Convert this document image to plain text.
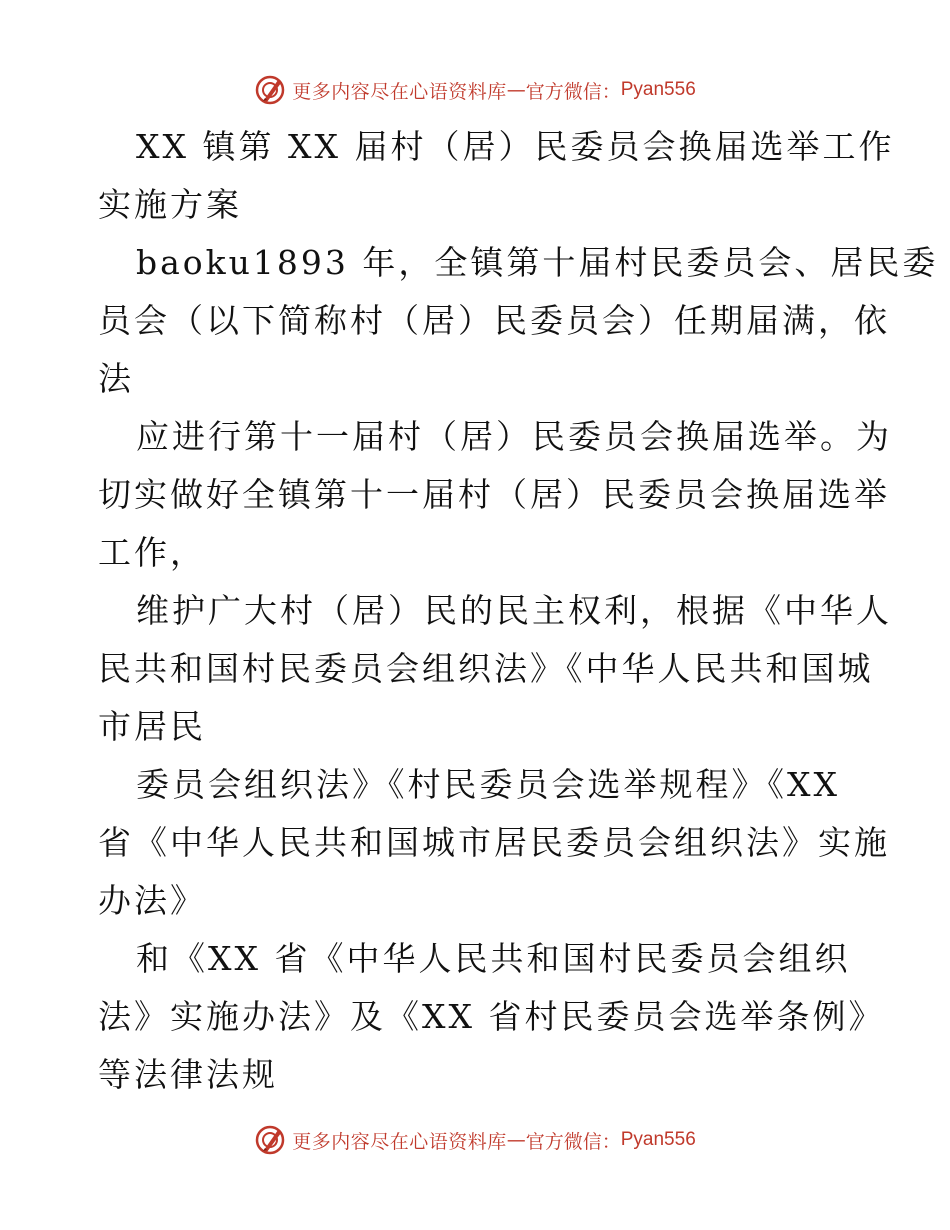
更多内容尽在心语资料库 — 官方微信： Pyan556
XX 镇第 XX 届村（居）民委员会换届选举工作
实施方案
baoku1893 年，全镇第十届村民委员会、居民委
员会（以下简称村（居）民委员会）任期届满，依
法
应进行第十一届村（居）民委员会换届选举。为
切实做好全镇第十一届村（居）民委员会换届选举
工作，
维护广大村（居）民的民主权利，根据《中华人
民共和国村民委员会组织法》《中华人民共和国城
市居民
委员会组织法》《村民委员会选举规程》《XX
省《中华人民共和国城市居民委员会组织法》实施
办法》
和《XX 省《中华人民共和国村民委员会组织
法》实施办法》及《XX 省村民委员会选举条例》
等法律法规
更多内容尽在心语资料库 — 官方微信： Pyan556
